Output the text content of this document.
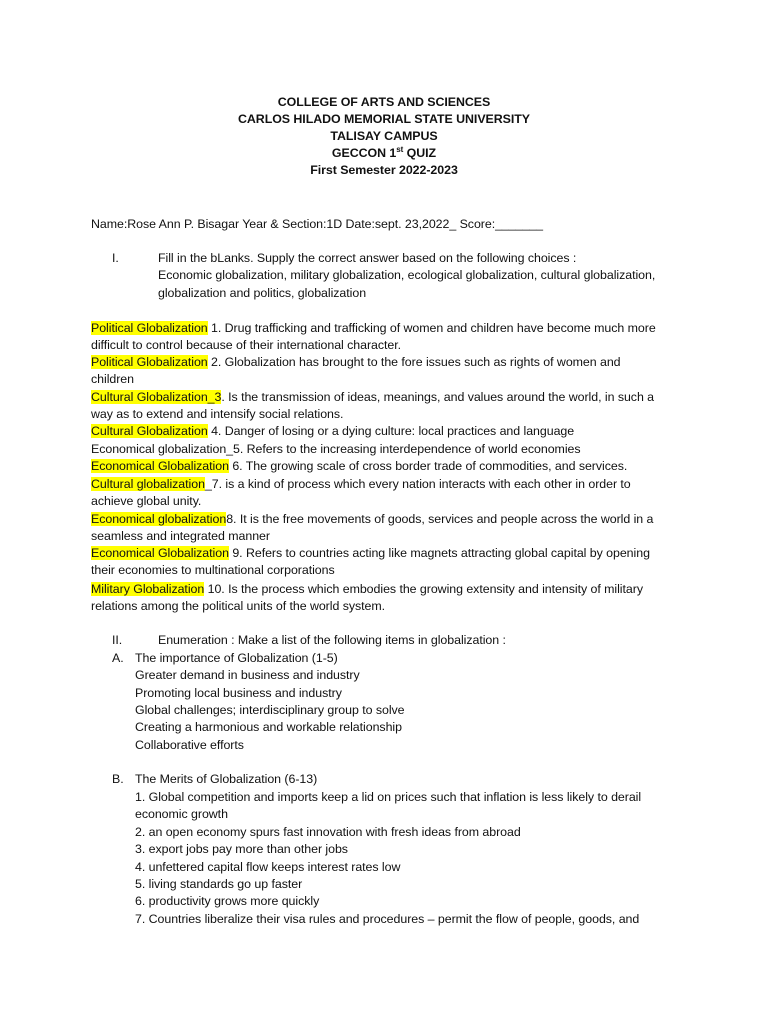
COLLEGE OF ARTS AND SCIENCES
CARLOS HILADO MEMORIAL STATE UNIVERSITY
TALISAY CAMPUS
GECCON 1st QUIZ
First Semester 2022-2023
Name:Rose Ann P. Bisagar Year & Section:1D Date:sept. 23,2022_ Score:_______
I.	Fill in the bLanks. Supply the correct answer based on the following choices :
Economic globalization, military globalization, ecological globalization, cultural globalization,
globalization and politics, globalization
Political Globalization 1. Drug trafficking and trafficking of women and children have become much more
difficult to control because of their international character.
Political Globalization 2. Globalization has brought to the fore issues such as rights of women and
children
Cultural Globalization_3. Is the transmission of ideas, meanings, and values around the world, in such a
way as to extend and intensify social relations.
Cultural Globalization 4. Danger of losing or a dying culture: local practices and language
Economical globalization_5. Refers to the increasing interdependence of world economies
Economical Globalization 6. The growing scale of cross border trade of commodities, and services.
Cultural globalization_7. is a kind of process which every nation interacts with each other in order to
achieve global unity.
Economical globalization8. It is the free movements of goods, services and people across the world in a
seamless and integrated manner
Economical Globalization 9. Refers to countries acting like magnets attracting global capital by opening
their economies to multinational corporations
Military Globalization 10. Is the process which embodies the growing extensity and intensity of military
relations among the political units of the world system.
II.	Enumeration : Make a list of the following items in globalization :
A. The importance of Globalization (1-5)
Greater demand in business and industry
Promoting local business and industry
Global challenges; interdisciplinary group to solve
Creating a harmonious and workable relationship
Collaborative efforts
B. The Merits of Globalization (6-13)
1. Global competition and imports keep a lid on prices such that inflation is less likely to derail
economic growth
2. an open economy spurs fast innovation with fresh ideas from abroad
3. export jobs pay more than other jobs
4. unfettered capital flow keeps interest rates low
5. living standards go up faster
6. productivity grows more quickly
7. Countries liberalize their visa rules and procedures – permit the flow of people, goods, and
